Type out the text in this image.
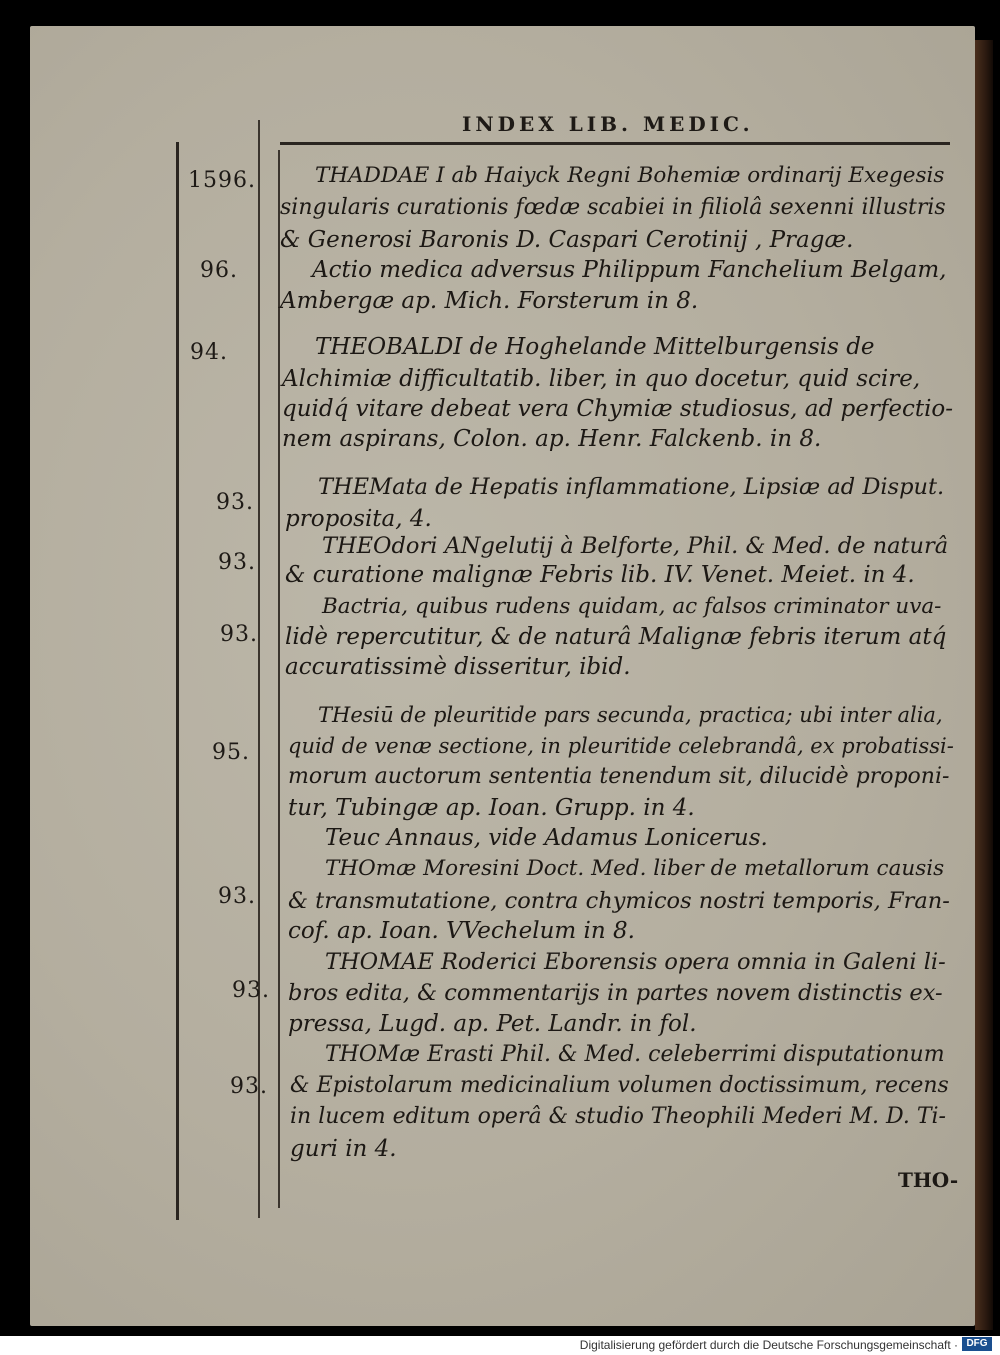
INDEX LIB. MEDIC.
1596.
96.
94.
93.
93.
93.
95.
93.
93.
93.
THADDAE I ab Haiyck Regni Bohemiæ ordinarij Exegesis
singularis curationis fœdæ scabiei in filiolâ sexenni illustris
& Generosi Baronis D. Caspari Cerotinij , Pragæ.
Actio medica adversus Philippum Fanchelium Belgam,
Ambergæ ap. Mich. Forsterum in 8.
THEOBALDI de Hoghelande Mittelburgensis de
Alchimiæ difficultatib. liber, in quo docetur, quid scire,
quidq́ vitare debeat vera Chymiæ studiosus, ad perfectio-
nem aspirans, Colon. ap. Henr. Falckenb. in 8.
THEMata de Hepatis inflammatione, Lipsiæ ad Disput.
proposita, 4.
THEOdori ANgelutij à Belforte, Phil. & Med. de naturâ
& curatione malignæ Febris lib. IV. Venet. Meiet. in 4.
Bactria, quibus rudens quidam, ac falsos criminator uva-
lidè repercutitur, & de naturâ Malignæ febris iterum atq́
accuratissimè disseritur, ibid.
THesiū de pleuritide pars secunda, practica; ubi inter alia,
quid de venæ sectione, in pleuritide celebrandâ, ex probatissi-
morum auctorum sententia tenendum sit, dilucidè proponi-
tur, Tubingæ ap. Ioan. Grupp. in 4.
Teuc Annaus, vide Adamus Lonicerus.
THOmæ Moresini Doct. Med. liber de metallorum causis
& transmutatione, contra chymicos nostri temporis, Fran-
cof. ap. Ioan. VVechelum in 8.
THOMAE Roderici Eborensis opera omnia in Galeni li-
bros edita, & commentarijs in partes novem distinctis ex-
pressa, Lugd. ap. Pet. Landr. in fol.
THOMæ Erasti Phil. & Med. celeberrimi disputationum
& Epistolarum medicinalium volumen doctissimum, recens
in lucem editum operâ & studio Theophili Mederi M. D. Ti-
guri in 4.
THO-
Digitalisierung gefördert durch die Deutsche Forschungsgemeinschaft · DFG
